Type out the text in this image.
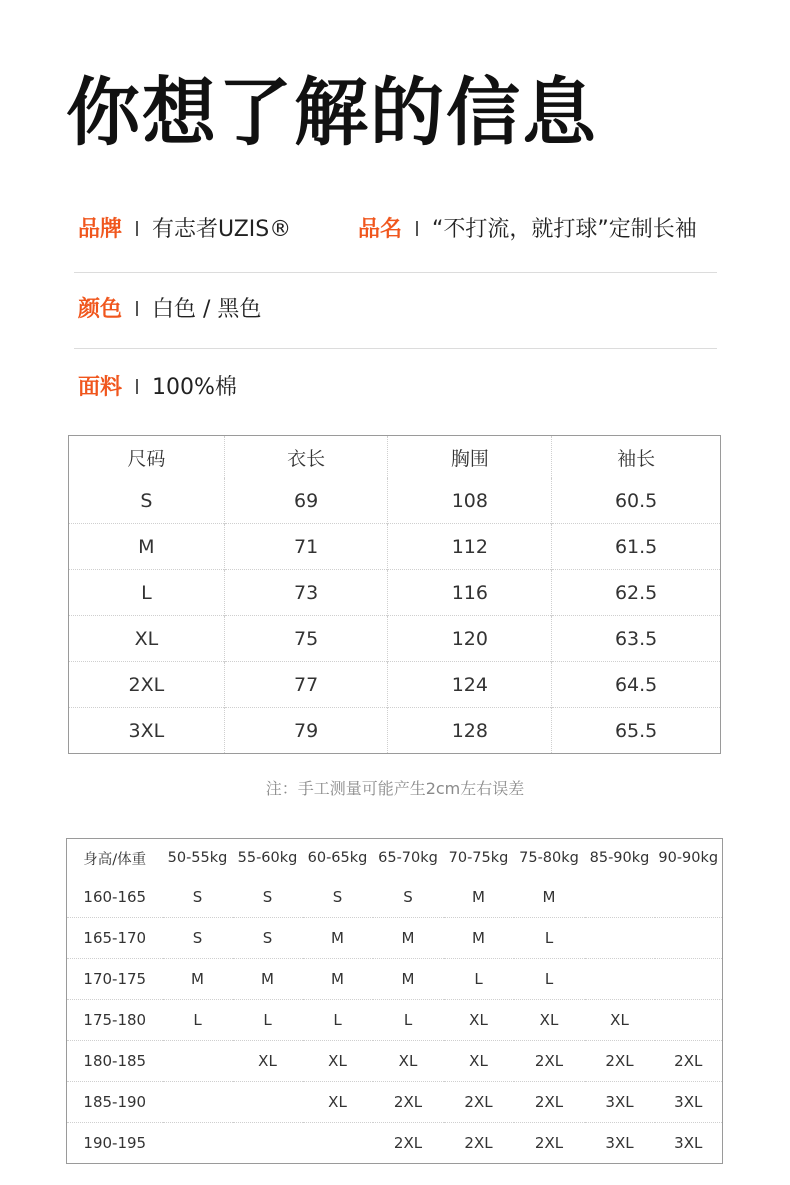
你想了解的信息
品牌 有志者UZIS®	品名 “不打流，就打球”定制长袖
颜色 白色 / 黑色
面料 100%棉
尺码	衣长	胸围	袖长
S	69	108	60.5
M	71	112	61.5
L	73	116	62.5
XL	75	120	63.5
2XL	77	124	64.5
3XL	79	128	65.5
注：手工测量可能产生2cm左右误差
身高/体重	50-55kg	55-60kg	60-65kg	65-70kg	70-75kg	75-80kg	85-90kg	90-90kg
160-165	S	S	S	S	M	M		
165-170	S	S	M	M	M	L		
170-175	M	M	M	M	L	L		
175-180	L	L	L	L	XL	XL	XL	
180-185		XL	XL	XL	XL	2XL	2XL	2XL
185-190			XL	2XL	2XL	2XL	3XL	3XL
190-195				2XL	2XL	2XL	3XL	3XL
